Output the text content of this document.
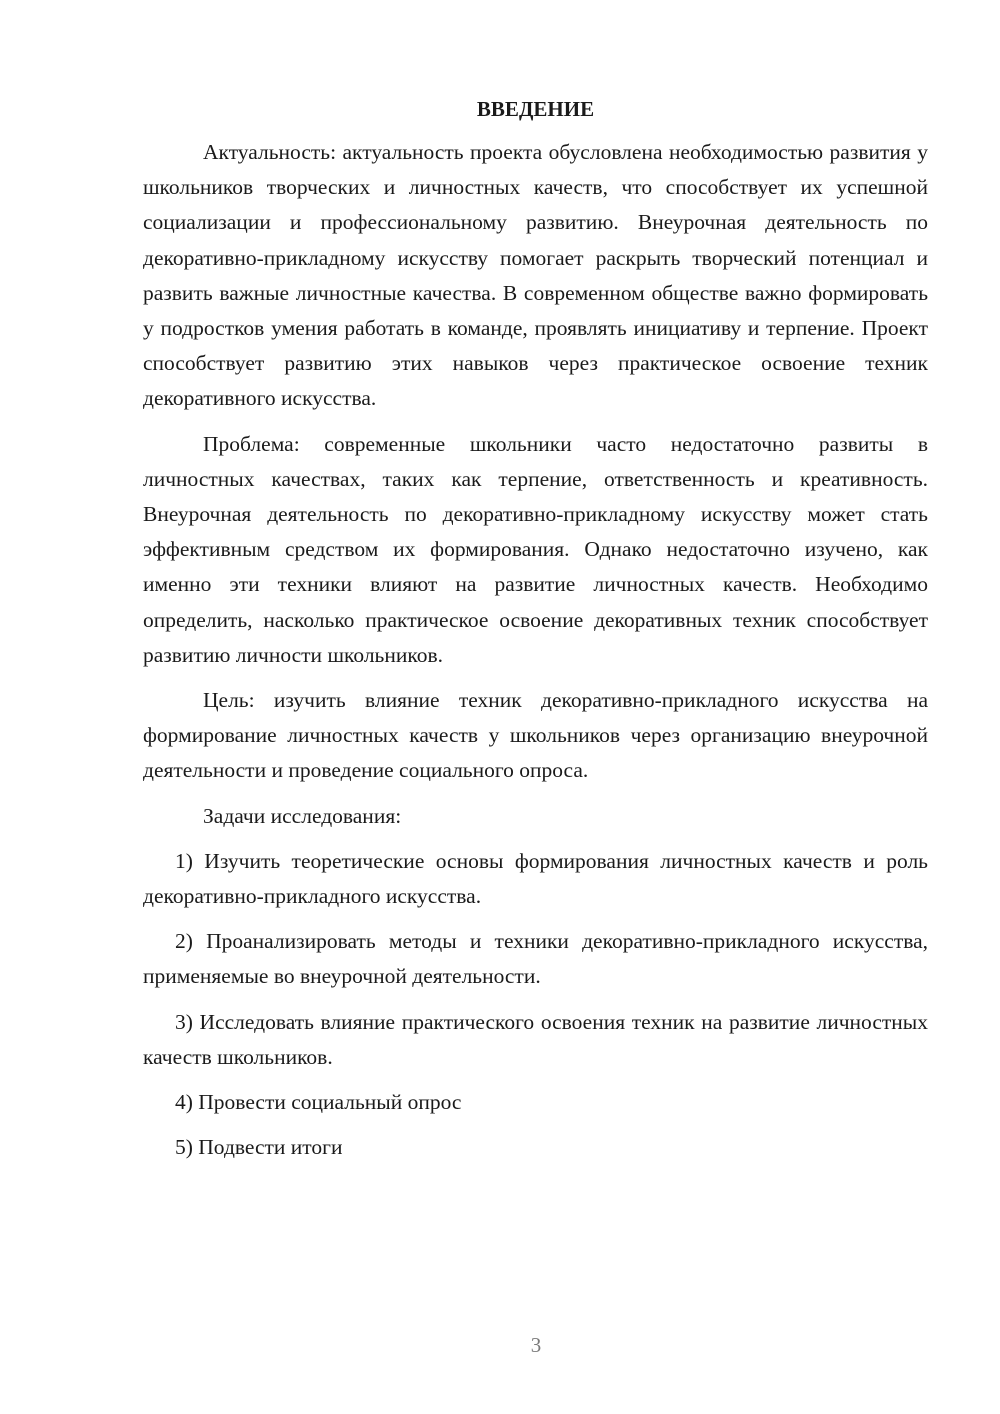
ВВЕДЕНИЕ

Актуальность: актуальность проекта обусловлена необходимостью развития у школьников творческих и личностных качеств, что способствует их успешной социализации и профессиональному развитию. Внеурочная деятельность по декоративно-прикладному искусству помогает раскрыть творческий потенциал и развить важные личностные качества. В современном обществе важно формировать у подростков умения работать в команде, проявлять инициативу и терпение. Проект способствует развитию этих навыков через практическое освоение техник декоративного искусства.

Проблема: современные школьники часто недостаточно развиты в личностных качествах, таких как терпение, ответственность и креативность. Внеурочная деятельность по декоративно-прикладному искусству может стать эффективным средством их формирования. Однако недостаточно изучено, как именно эти техники влияют на развитие личностных качеств. Необходимо определить, насколько практическое освоение декоративных техник способствует развитию личности школьников.

Цель: изучить влияние техник декоративно-прикладного искусства на формирование личностных качеств у школьников через организацию внеурочной деятельности и проведение социального опроса.

Задачи исследования:

1) Изучить теоретические основы формирования личностных качеств и роль декоративно-прикладного искусства.

2) Проанализировать методы и техники декоративно-прикладного искусства, применяемые во внеурочной деятельности.

3) Исследовать влияние практического освоения техник на развитие личностных качеств школьников.

4) Провести социальный опрос

5) Подвести итоги

3
